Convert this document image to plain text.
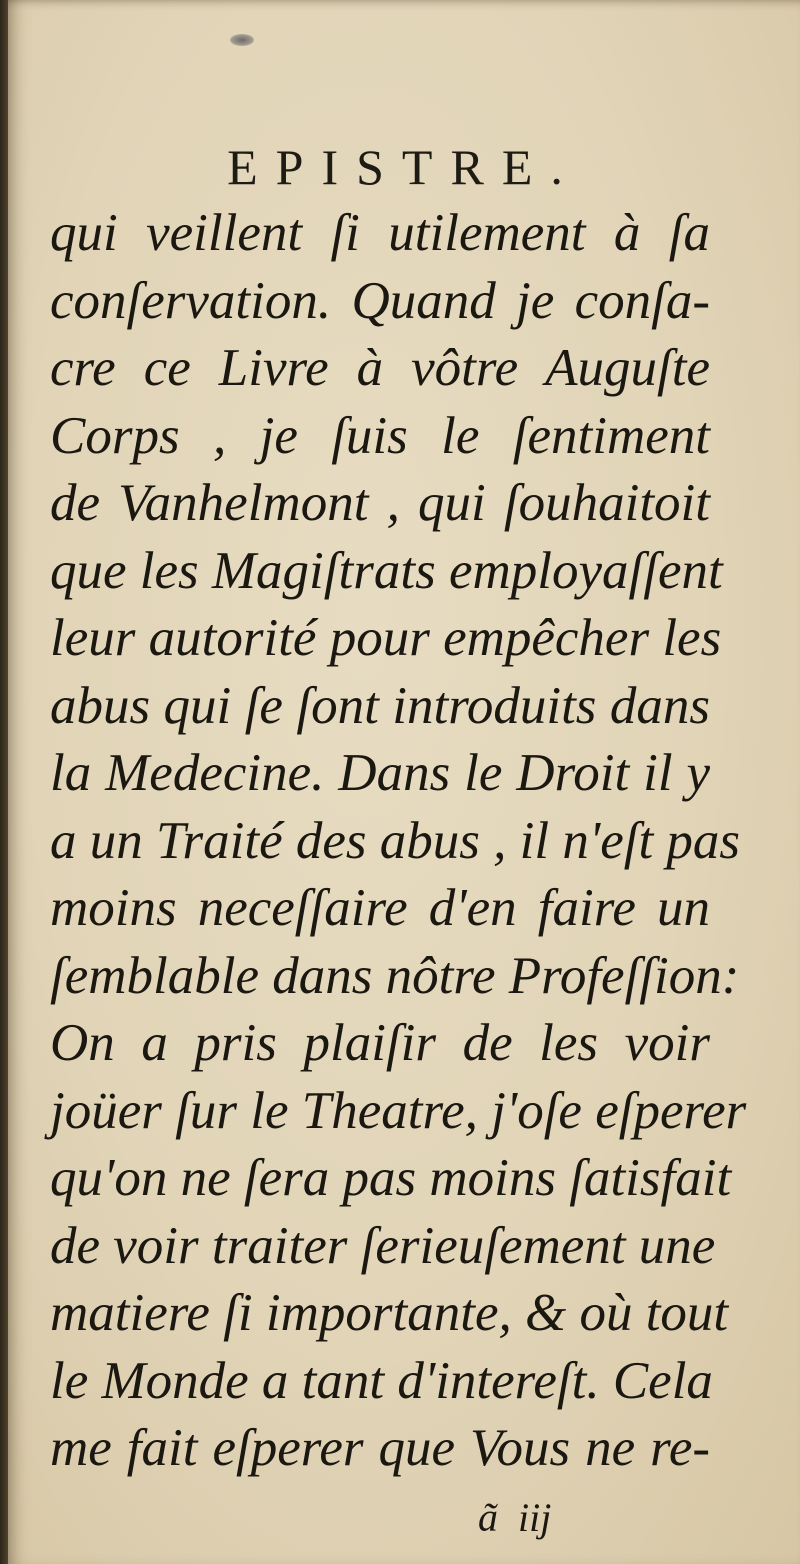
EPISTRE.
qui veillent ſi utilement à ſa
conſervation. Quand je conſa-
cre ce Livre à vôtre Auguſte
Corps , je ſuis le ſentiment
de Vanhelmont , qui ſouhaitoit
que les Magiſtrats employaſſent
leur autorité pour empêcher les
abus qui ſe ſont introduits dans
la Medecine. Dans le Droit il y
a un Traité des abus , il n'eſt pas
moins neceſſaire d'en faire un
ſemblable dans nôtre Profeſſion:
On a pris plaiſir de les voir
joüer ſur le Theatre, j'oſe eſperer
qu'on ne ſera pas moins ſatisfait
de voir traiter ſerieuſement une
matiere ſi importante, & où tout
le Monde a tant d'intereſt. Cela
me fait eſperer que Vous ne re-
ã iij
